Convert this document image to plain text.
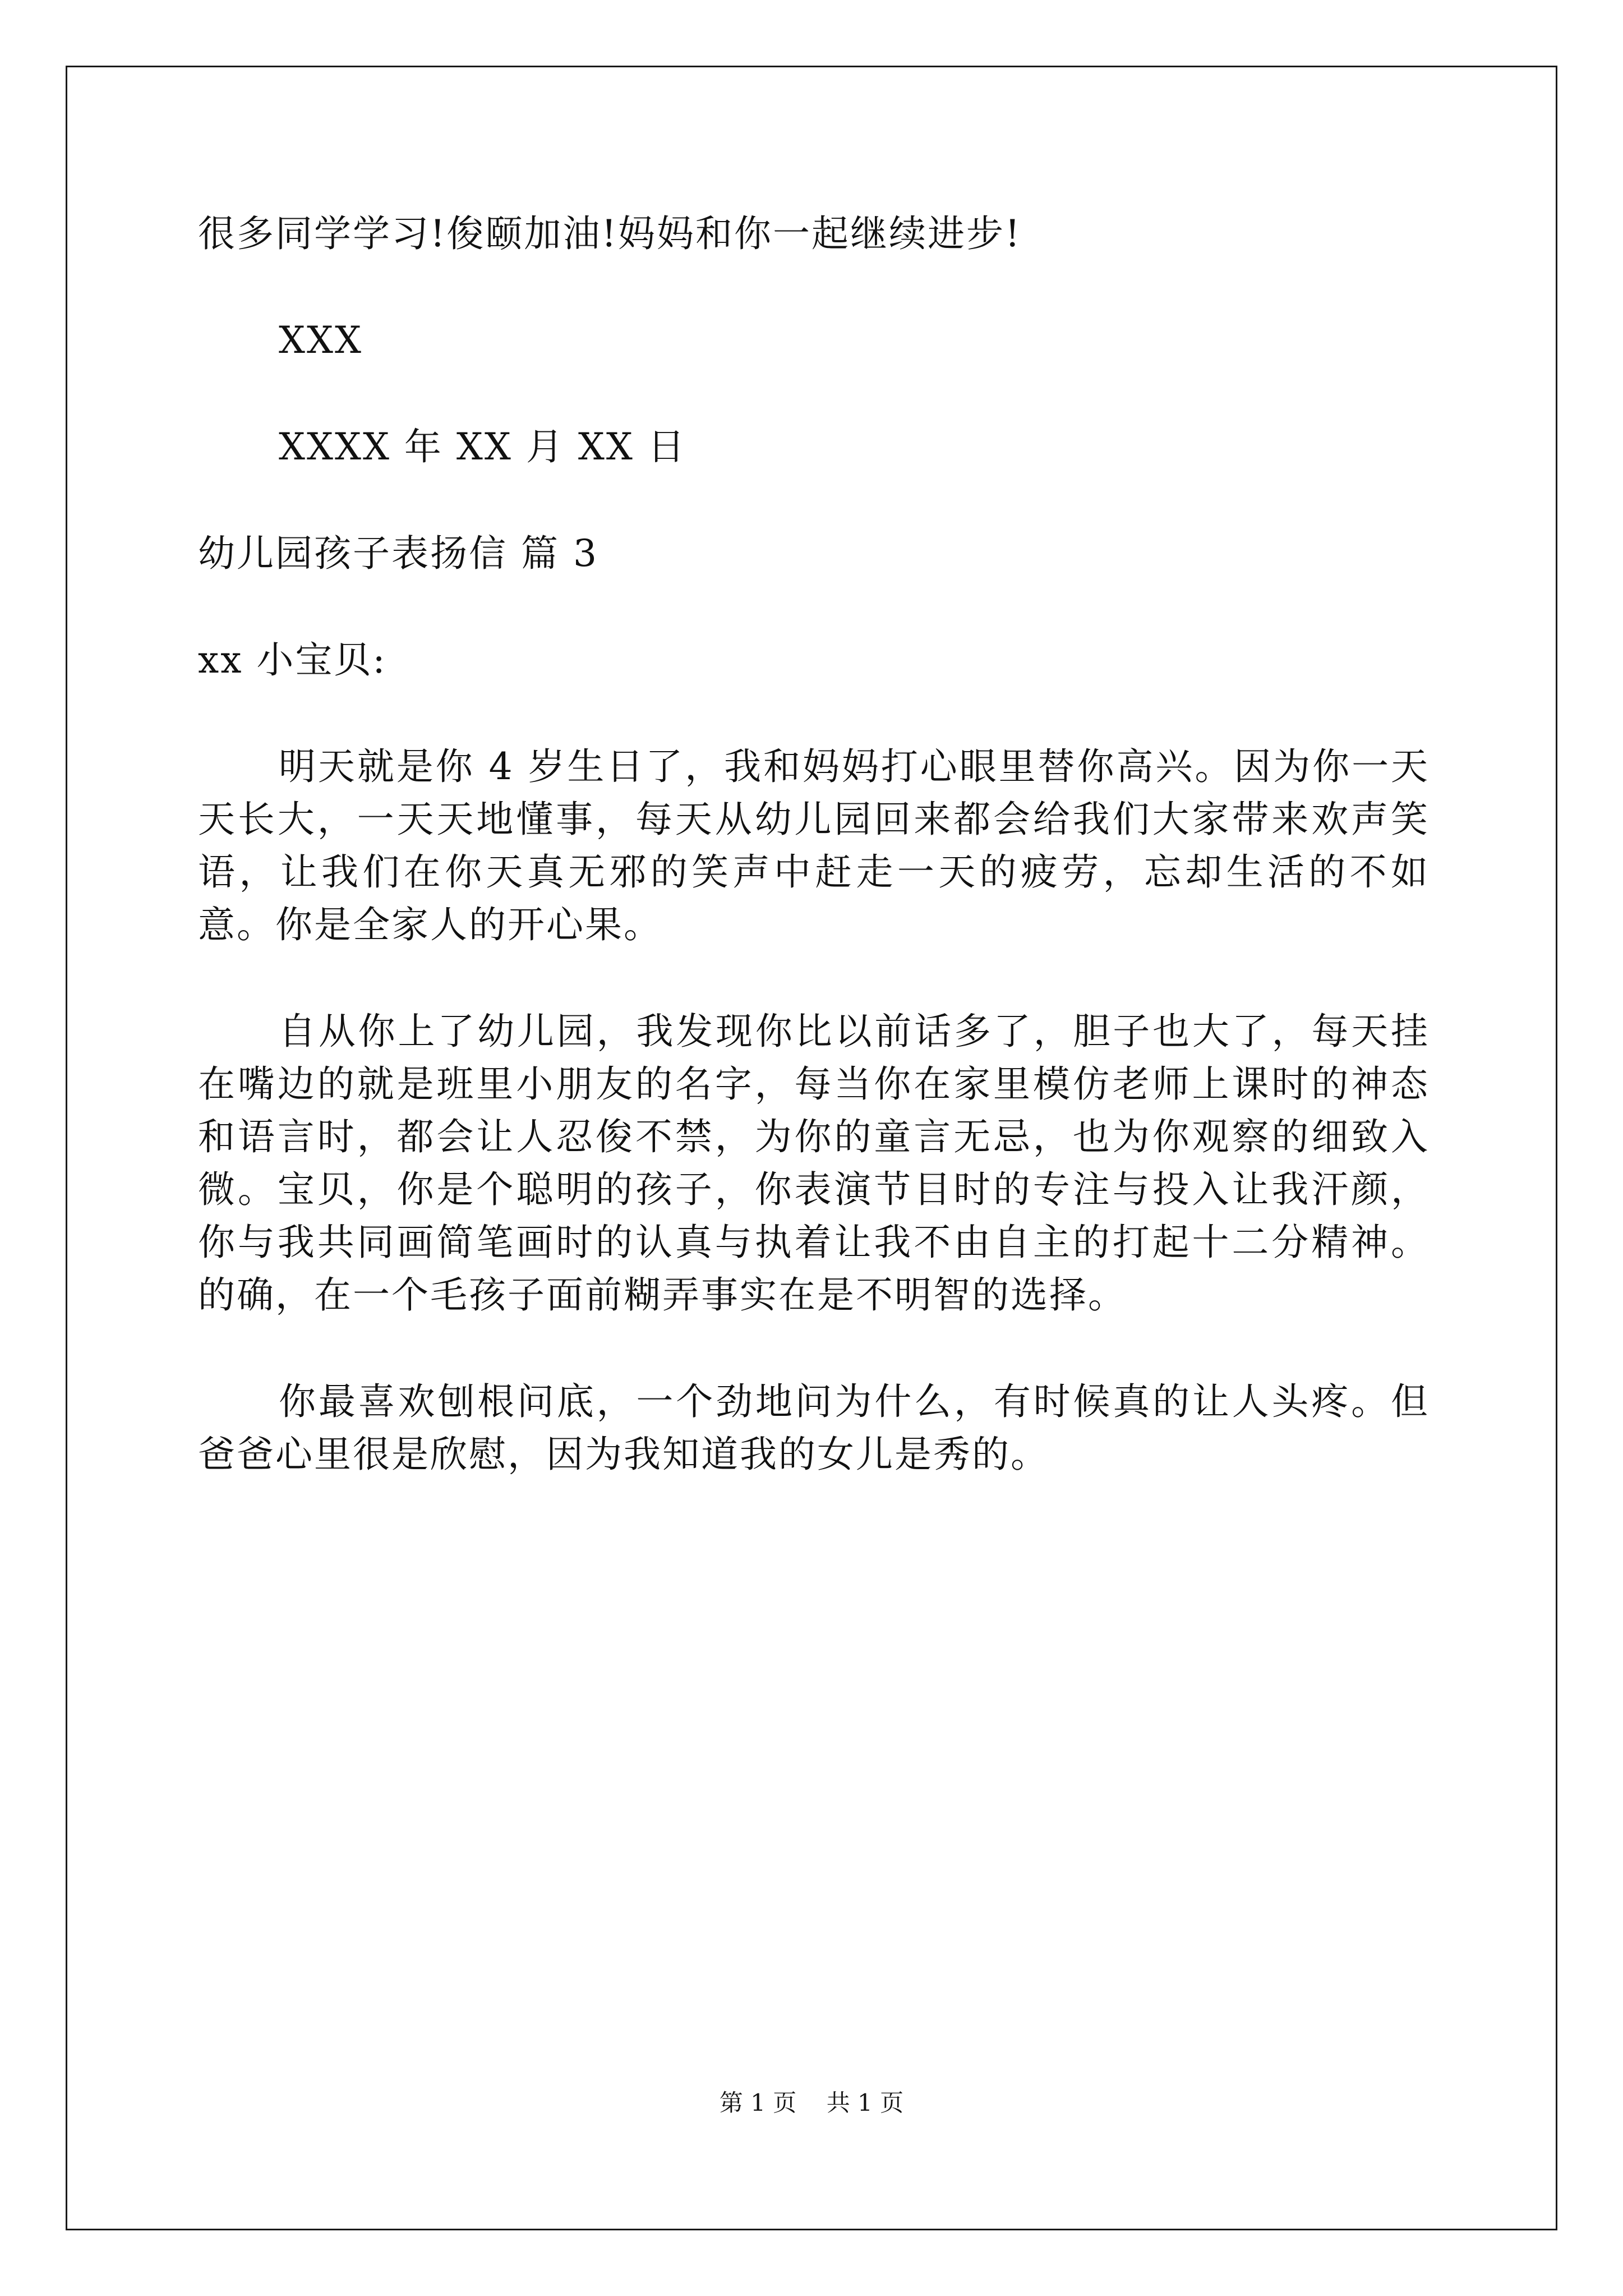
很多同学学习!俊颐加油!妈妈和你一起继续进步!
XXX
XXXX 年 XX 月 XX 日
幼儿园孩子表扬信 篇 3
xx 小宝贝:

明天就是你 4 岁生日了，我和妈妈打心眼里替你高兴。因为你一天天长大，一天天地懂事，每天从幼儿园回来都会给我们大家带来欢声笑语，让我们在你天真无邪的笑声中赶走一天的疲劳，忘却生活的不如意。你是全家人的开心果。

自从你上了幼儿园，我发现你比以前话多了，胆子也大了，每天挂在嘴边的就是班里小朋友的名字，每当你在家里模仿老师上课时的神态和语言时，都会让人忍俊不禁，为你的童言无忌，也为你观察的细致入微。宝贝，你是个聪明的孩子，你表演节目时的专注与投入让我汗颜，你与我共同画简笔画时的认真与执着让我不由自主的打起十二分精神。的确，在一个毛孩子面前糊弄事实在是不明智的选择。

你最喜欢刨根问底，一个劲地问为什么，有时候真的让人头疼。但爸爸心里很是欣慰，因为我知道我的女儿是秀的。

第 1 页    共 1 页
